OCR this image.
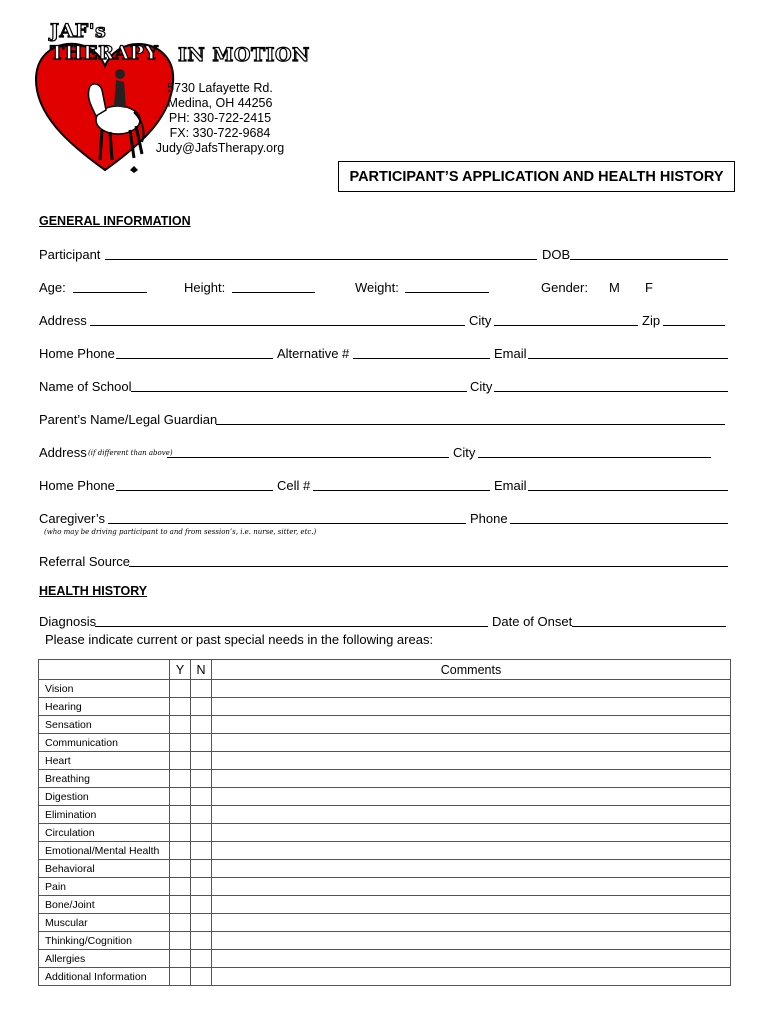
JAF's THERAPY	IN MOTION
5730 Lafayette Rd.
Medina, OH 44256
PH: 330-722-2415
FX: 330-722-9684
Judy@JafsTherapy.org
PARTICIPANT’S APPLICATION AND HEALTH HISTORY
GENERAL INFORMATION
Participant	DOB
Age:	Height:	Weight:	Gender: M F
Address	City	Zip
Home Phone	Alternative #	Email
Name of School	City
Parent’s Name/Legal Guardian
Address (if different than above)	City
Home Phone	Cell #	Email
Caregiver’s	Phone
(who may be driving participant to and from session’s, i.e. nurse, sitter, etc.)
Referral Source
HEALTH HISTORY
Diagnosis	Date of Onset
Please indicate current or past special needs in the following areas:
	Y	N	Comments
Vision			
Hearing			
Sensation			
Communication			
Heart			
Breathing			
Digestion			
Elimination			
Circulation			
Emotional/Mental Health			
Behavioral			
Pain			
Bone/Joint			
Muscular			
Thinking/Cognition			
Allergies			
Additional Information			
